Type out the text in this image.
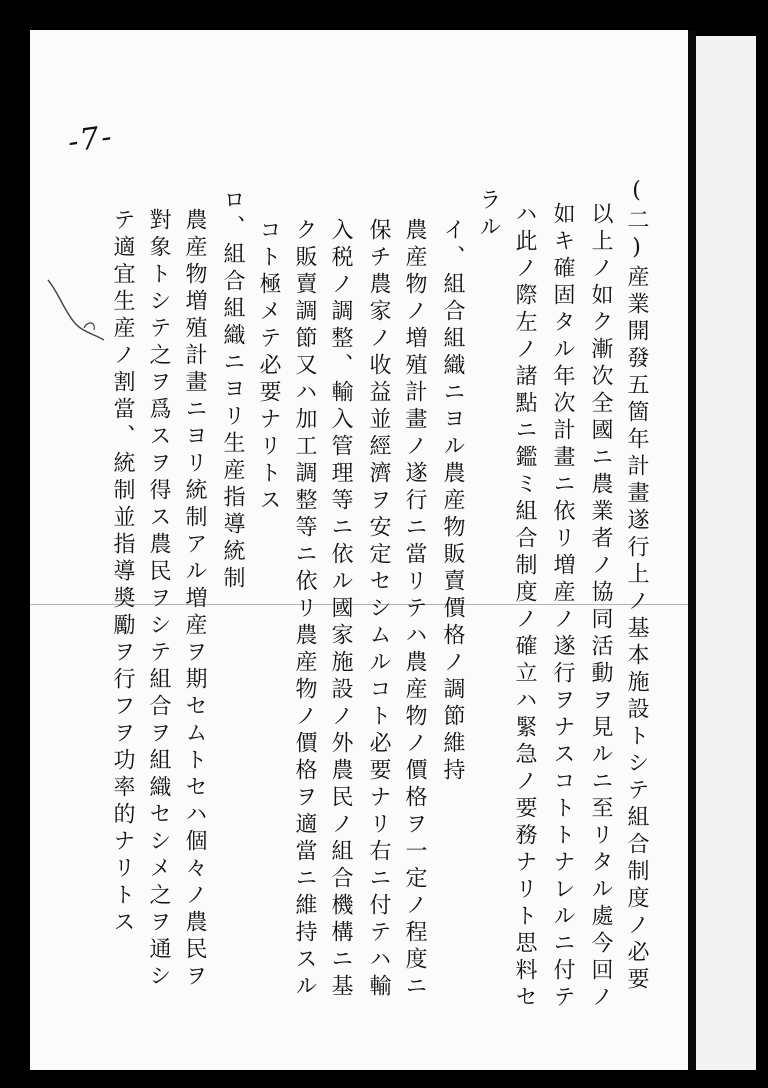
-7-
(二)産業開發五箇年計畫遂行上ノ基本施設トシテ組合制度ノ必要
以上ノ如ク漸次全國ニ農業者ノ協同活動ヲ見ルニ至リタル處今回ノ
如キ確固タル年次計畫ニ依リ増産ノ遂行ヲナスコトトナレルニ付テ
ハ此ノ際左ノ諸點ニ鑑ミ組合制度ノ確立ハ緊急ノ要務ナリト思料セ
ラル
イ、組合組織ニヨル農産物販賣價格ノ調節維持
農産物ノ増殖計畫ノ遂行ニ當リテハ農産物ノ價格ヲ一定ノ程度ニ
保チ農家ノ收益並經濟ヲ安定セシムルコト必要ナリ右ニ付テハ輸
入税ノ調整、輸入管理等ニ依ル國家施設ノ外農民ノ組合機構ニ基
ク販賣調節又ハ加工調整等ニ依リ農産物ノ價格ヲ適當ニ維持スル
コト極メテ必要ナリトス
ロ、組合組織ニヨリ生産指導統制
農産物増殖計畫ニヨリ統制アル増産ヲ期セムトセハ個々ノ農民ヲ
對象トシテ之ヲ爲スヲ得ス農民ヲシテ組合ヲ組織セシメ之ヲ通シ
テ適宜生産ノ割當、統制並指導奬勵ヲ行フヲ功率的ナリトス
